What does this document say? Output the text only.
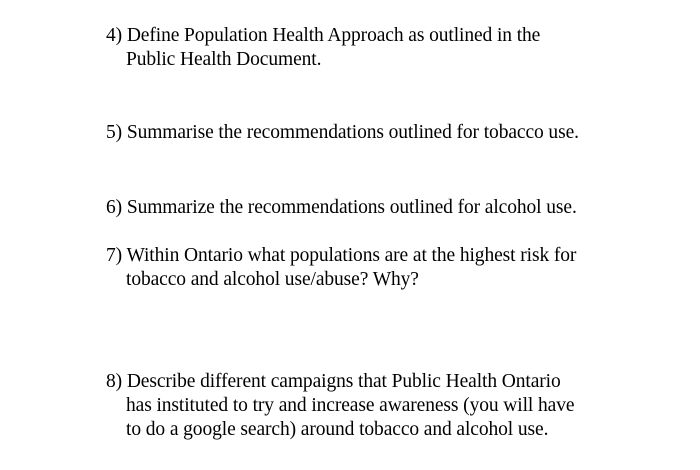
4) Define Population Health Approach as outlined in the
Public Health Document.
5) Summarise the recommendations outlined for tobacco use.
6) Summarize the recommendations outlined for alcohol use.
7) Within Ontario what populations are at the highest risk for
tobacco and alcohol use/abuse? Why?
8) Describe different campaigns that Public Health Ontario
has instituted to try and increase awareness (you will have
to do a google search) around tobacco and alcohol use.
